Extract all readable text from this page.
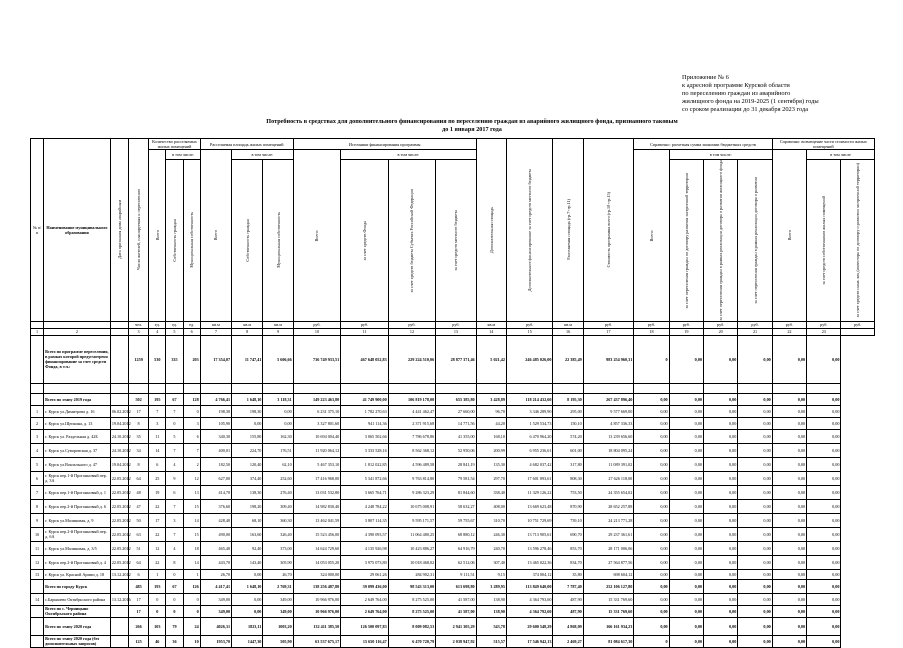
Приложение № 6
к адресной программе Курской области
по переселению граждан из аварийного
жилищного фонда на 2019-2025 (1 сентября) годы
со сроком реализации до 31 декабря 2023 года
Потребность в средствах для дополнительного финансирования по переселению граждан из аварийного жилищного фонда, признанного таковым
до 1 января 2017 года
№ п/п	Наименование муниципального образования	Дата признания дома аварийным	Число жителей, планируемых к переселению	Количество расселяемых жилых помещений			Расселяемая площадь жилых помещений			Источники финансирования программы				Дополнительная площадь	Дополнительное финансирование за счет средств местного бюджета	Расселяемая площадь (гр.7+гр.11)	Стоимость программы всего (гр.10+гр.15)	Справочно: расчетная сумма экономии бюджетных средств				Справочно: возмещение части стоимости жилых помещений		

				Всего	в том числе:		Всего	в том числе:		Всего:	в том числе:							Всего:	в том числе:			Всего	в том числе	

					Собственность граждан	Муниципальная собственность		Собственность граждан	Муниципальная собственность		за счет средств Фонда	за счет средств бюджета Субъекта Российской Федерации	за счет средств местного бюджета						за счет переселения граждан по договору развития застроенной территории	за счет переселения граждан в рамках реализации договора о развитии жилищного фонда	за счет переселения граждан в рамках реализации договора о развитии		за счет средств собственников жилых помещений	за счет средств иных лиц (инвестора по договору о развитии застроенной территории)

			чел.	ед.	ед.	ед.	кв.м	кв.м	кв.м	руб.	руб.	руб.	руб.	кв.м	руб.	кв.м	руб.	руб.	руб.	руб.	руб.	руб.	руб.	руб.
1	2		3	4	5	6	7	8	9	10	11	12	13	14	15	16	17	18	19	20	21	22	23	
	Всего по программе переселения, в рамках которой предусмотрено финансирование за счет средств Фонда, в т.ч.:		1259	530	335	203	17 354,07	11 747,41	5 606,66	736 749 933,51	467 648 052,83	229 224 510,06	28 877 371,46	5 021,42	246 485 026,00	22 385,49	983 254 960,31	0	0,00	0,00	0,00	0,00	0,00	

	Всего по этапу 2019 года		502	195	67	128	4 766,41	1 648,10	3 118,31	149 223 463,80	41 749 900,00	106 819 178,00	655 385,80	3 428,89	118 214 432,60	8 195,30	267 437 896,40	0,00	0,00	0,00	0,00	0,00	0,00	
1	г. Курск ул.Димитрова д. 16	06.02.2012	17	7	7	0	198,30	198,30	0,00	6 231 375,10	1 782 270,63	4 441 462,47	27 660,00	96,70	3 346 289,90	295,00	9 577 669,00	0,00	0,00	0,00	0,00	0,00	0,00	
2	г. Курск ул.Щепкина, д. 13	19.04.2012	8	3	0	3	105,90	0,00	0,00	3 327 801,60	941 114,36	2 371 915,68	14 771,56	44,20	1 529 534,73	150,10	4 857 336,33	0,00	0,00	0,00	0,00	0,00	0,00	
3	г. Курск ул. Раздельная д. 42Б	24.10.2012	35	11	5	6	340,30	155,80	162,30	10 694 004,40	3 065 502,66	7 786 678,86	41 355,00	168,10	6 470 964,20	574,20	13 239 656,60	0,00	0,00	0,00	0,00	0,00	0,00	
4	г. Курск ул.Суворовская д. 37	24.10.2012	34	14	7	7	400,01	224,70	176,51	11 920 064,12	3 333 528,16	8 562 368,12	52 950,06	200,99	6 955 236,61	601,00	18 804 095,24	0,00	0,00	0,00	0,00	0,00	0,00	
5	г. Курск ул.Вокзального д. 47	19.04.2012	8	6	4	2	182,50	120,40	62,10	5 467 353,10	1 812 022,85	4 596 489,58	28 841,19	135,30	4 682 037,42	317,80	11 089 391,02	0,00	0,00	0,00	0,00	0,00	0,00	
6	г. Курск пер.1-й Прогонновый пер. д. 3А	22.05.2012	64	25	9	12	627,00	374,40	252,60	17 416 968,00	5 341 872,66	9 763 814,80	79 581,54	297,70	17 601 093,61	808,30	27 626 118,00	0,00	0,00	0,00	0,00	0,00	0,00	
7	г. Курск пер.1-й Прогонновый д. 1	22.05.2012	48	19	6	13	414,70	138,30	276,40	13 031 532,80	3 665 764,71	9 286 323,29	81 844,60	338,40	11 329 126,22	753,50	24 355 654,02	0,00	0,00	0,00	0,00	0,00	0,00	
8	г. Курск пер.2-й Прогонновый д. 6	22.05.2012	47	22	7	15	376,60	198,20	309,40	14 982 830,40	4 248 784,22	10 675 008,91	58 632,27	408,00	13 669 623,48	870,90	28 652 257,88	0,00	0,00	0,00	0,00	0,00	0,00	
9	г. Курск ул.Малиновая, д. 9	22.05.2012	50	17	3	14	428,40	68,10	360,30	13 462 041,59	3 807 114,35	9 595 171,57	59 755,67	310,70	10 751 729,69	739,10	24 213 771,28	0,00	0,00	0,00	0,00	0,00	0,00	
10	г. Курск пер.2-й Прогонновый пер. д. 6А	22.05.2012	63	22	7	15	490,00	163,60	326,40	15 523 456,00	4 390 093,57	11 064 480,25	68 880,12	246,30	13 713 905,61	690,70	29 237 361,61	0,00	0,00	0,00	0,00	0,00	0,00	
11	г. Курск ул.Малиновая, д. 3/5	22.05.2012	51	12	4	18	465,40	92,40	373,00	14 624 729,60	4 135 926,98	10 423 886,27	64 916,79	240,70	13 596 278,46	853,70	28 171 006,06	0,00	0,00	0,00	0,00	0,00	0,00	
12	г. Курск пер.2-й Прогонновый д. 4	22.05.2012	64	22	8	14	443,70	143,40	305,90	14 053 055,20	3 975 073,80	10 018 468,02	62 512,06	307,40	13 465 022,36	834,70	27 564 877,56	0,00	0,00	0,00	0,00	0,00	0,00	
13	г. Курск ул. Красной Армии д. 18	13.12.2012	6	1	0	1	26,70	0,00	26,70	324 000,00	29 061,26	284 902,31	9 111,51	9,15	374 004,12	35,80	698 604,12	0,00	0,00	0,00	0,00	0,00	0,00	
	Всего по городу Курск		485	193	67	126	4 417,41	1 648,10	2 769,31	138 256 487,80	39 099 436,00	98 543 313,00	613 698,80	3 289,95	113 849 640,00	7 787,40	252 106 127,80	0,00	0,00	0,00	0,00	0,00	0,00	
14	с.Барышево Октябрьского района	13.12.2016	17	0	0	0	349,00	0,00	349,00	10 966 976,00	2 649 764,00	8 275 525,00	41 587,00	138,90	4 364 793,60	487,90	15 331 769,60	0,00	0,00	0,00	0,00	0,00	0,00	
	Всего по с. Черницыно Октябрьского района		17	0	0	0	349,00	0,00	349,00	10 966 976,00	2 649 764,00	8 275 525,00	41 587,00	138,90	4 364 792,60	487,90	15 331 769,60	0,00	0,00	0,00	0,00	0,00	0,00	
	Всего по этапу 2020 года		266	103	79	24	4026,31	1823,11	1003,20	132 411 385,50	126 500 097,83	8 009 082,53	2 941 305,29	543,78	29 600 548,29	4 868,09	166 161 934,23	0,00	0,00	0,00	0,00	0,00	0,00	
	Всего по этапу 2020 года (без дополнительных запросов)		125	46	36	10	1953,70	1447,30	505,90	63 537 675,17	15 650 116,47	6 470 720,79	2 038 947,92	515,57	17 546 942,13	2 469,27	81 084 617,30	0	0,00	0,00	0,00	0,00	0,00	
